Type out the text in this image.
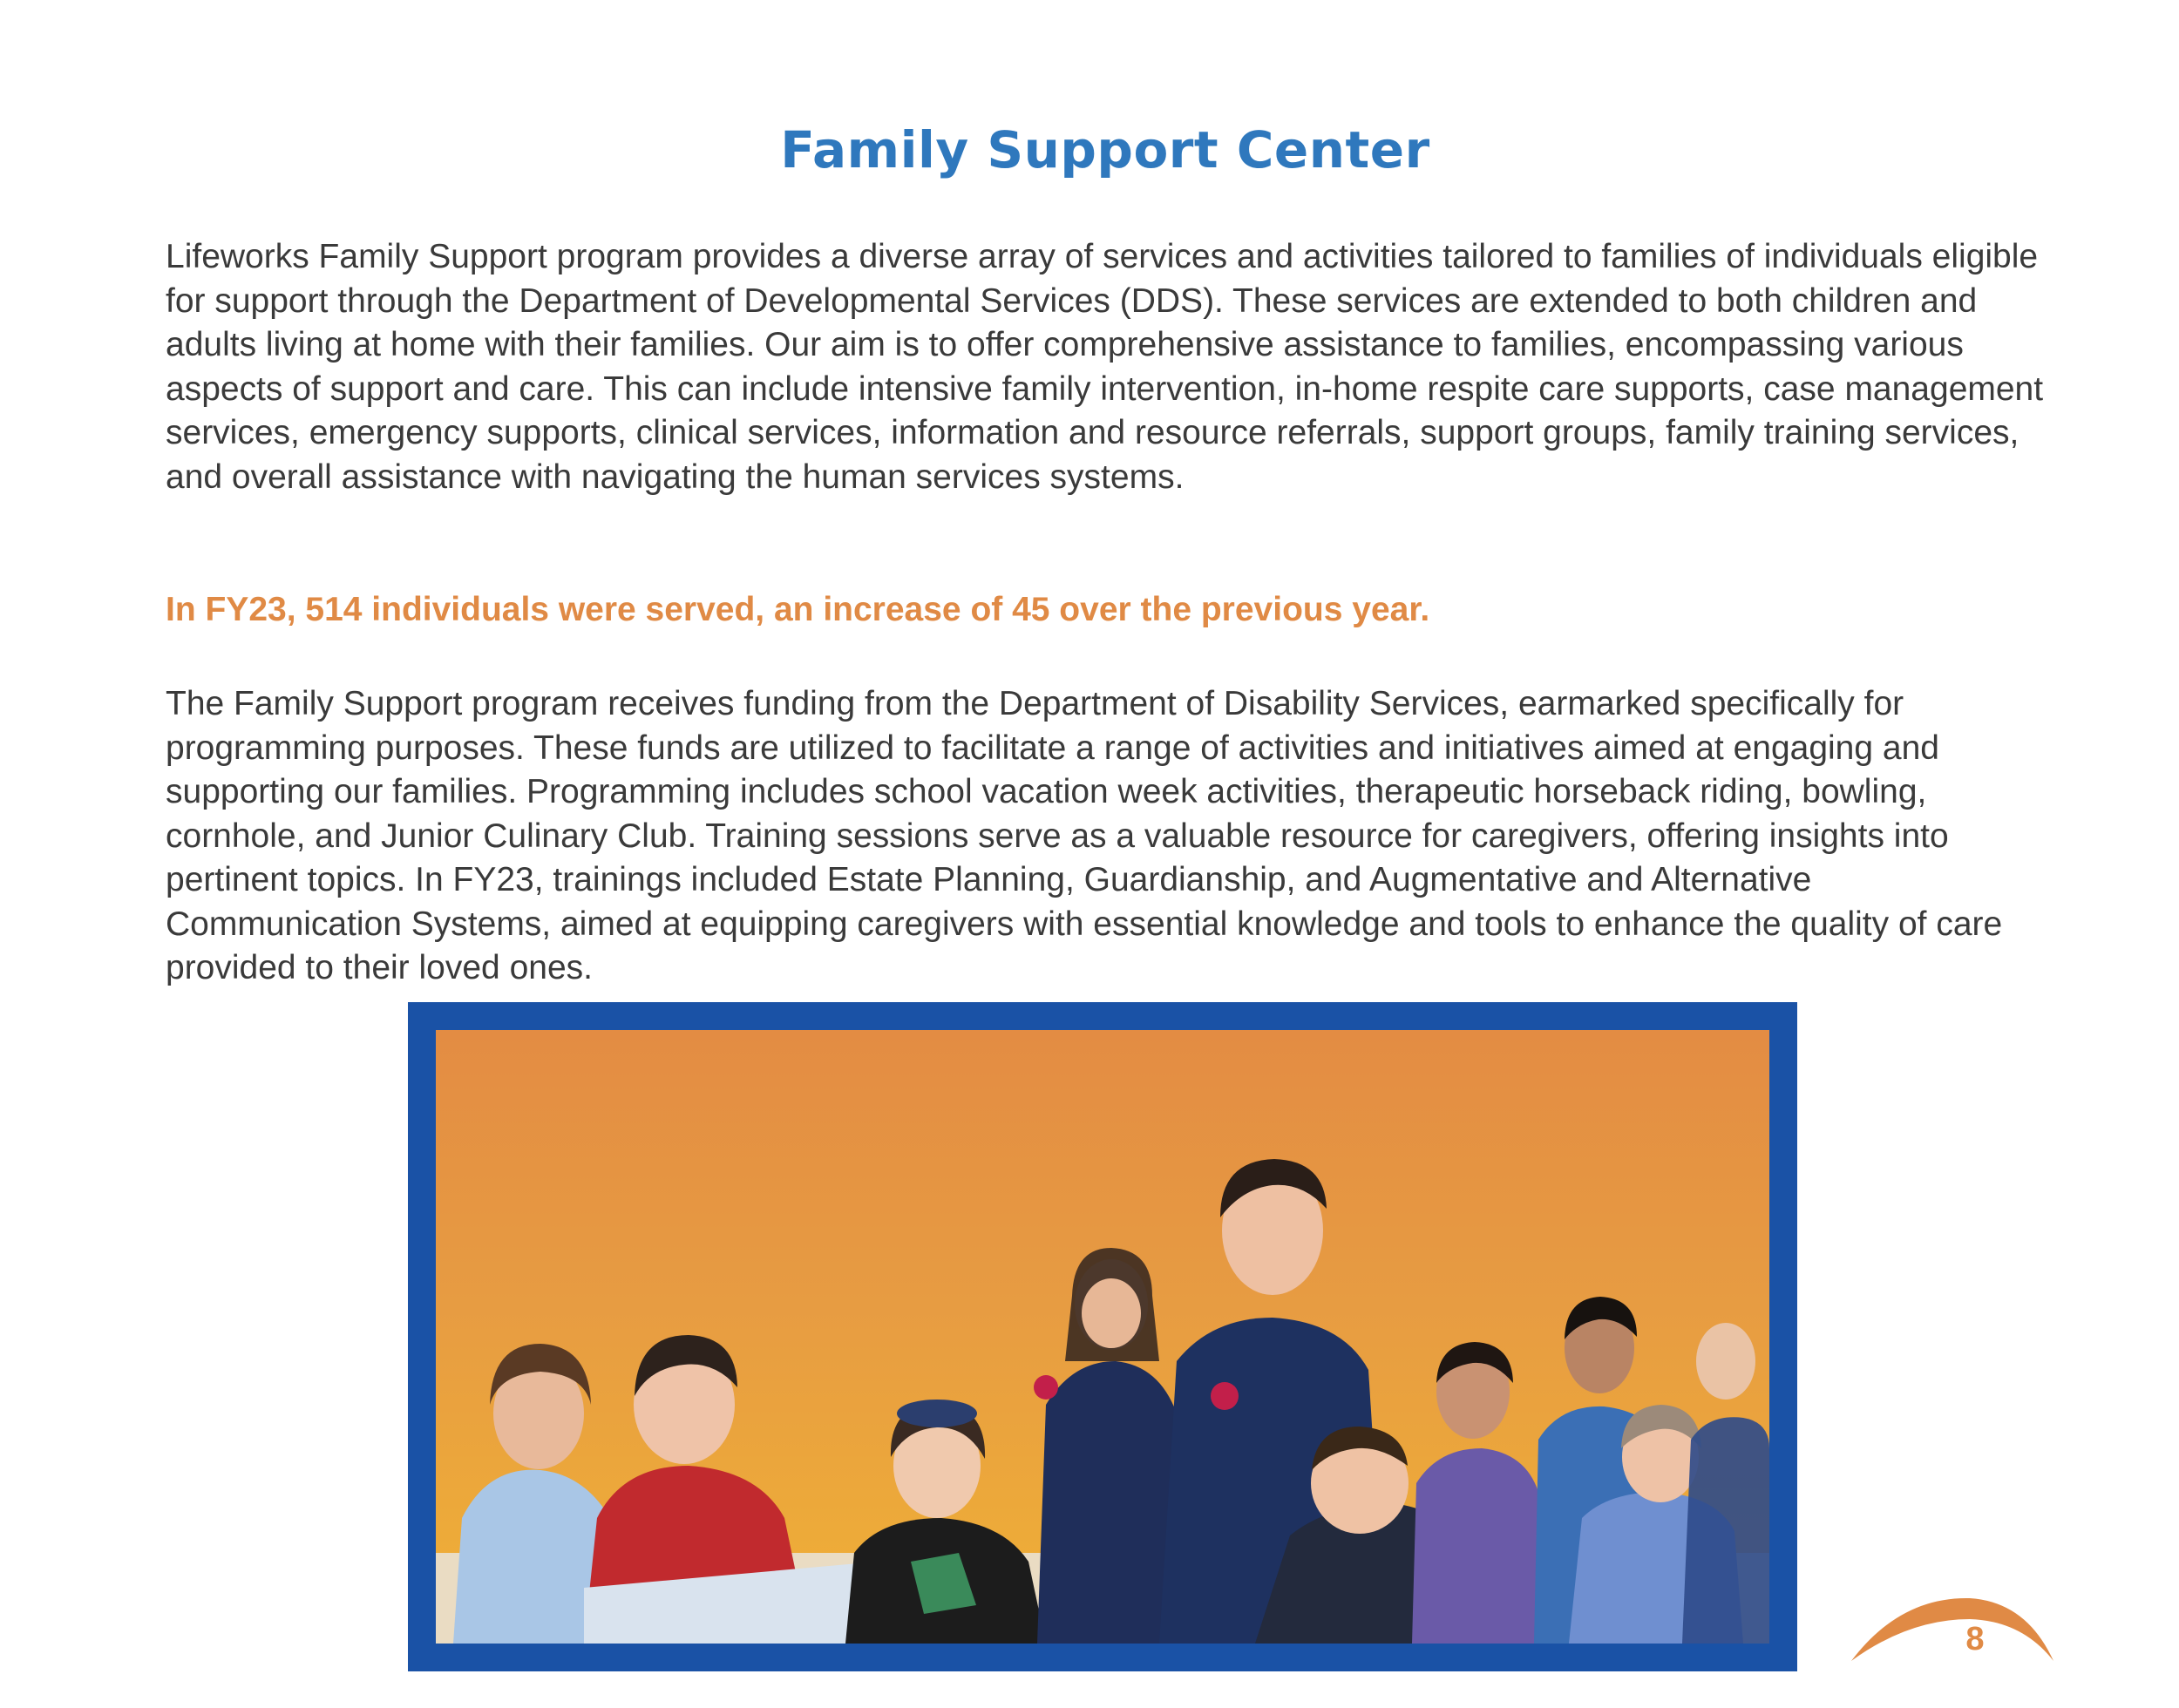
Family Support Center
Lifeworks Family Support program provides a diverse array of services and activities tailored to families of individuals eligible for support through the Department of Developmental Services (DDS). These services are extended to both children and adults living at home with their families. Our aim is to offer comprehensive assistance to families, encompassing various aspects of support and care. This can include intensive family intervention, in-home respite care supports, case management services, emergency supports, clinical services, information and resource referrals, support groups, family training services, and overall assistance with navigating the human services systems.
In FY23, 514 individuals were served, an increase of 45 over the previous year.
The Family Support program receives funding from the Department of Disability Services, earmarked specifically for programming purposes. These funds are utilized to facilitate a range of activities and initiatives aimed at engaging and supporting our families. Programming includes school vacation week activities, therapeutic horseback riding, bowling, cornhole, and Junior Culinary Club. Training sessions serve as a valuable resource for caregivers, offering insights into pertinent topics. In FY23, trainings included Estate Planning, Guardianship, and Augmentative and Alternative Communication Systems, aimed at equipping caregivers with essential knowledge and tools to enhance the quality of care provided to their loved ones.
8
